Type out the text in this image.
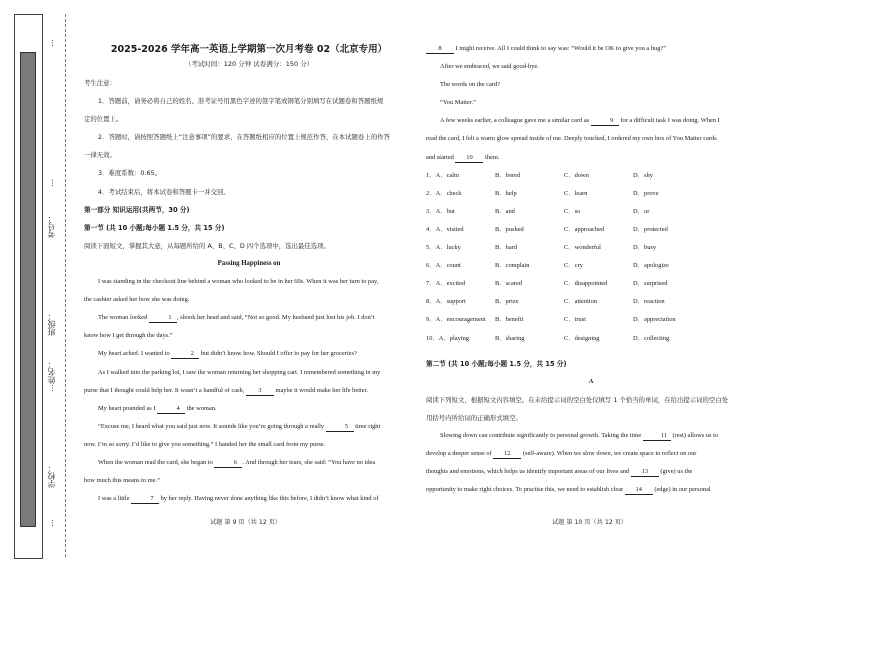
学校：
姓名：
班级：
考号：
…
…
…
…
2025-2026 学年高一英语上学期第一次月考卷 02（北京专用）
（考试时间：120 分钟 试卷满分：150 分）

考生注意：

1．答题前，请务必将自己的姓名、准考证号用黑色字迹的签字笔或钢笔分别填写在试题卷和答题纸规

定的位置上。

2．答题时，请按照答题纸上“注意事项”的要求，在答题纸相应的位置上规范作答，在本试题卷上的作答

一律无效。

3．难度系数：0.65。

4．考试结束后，将本试卷和答题卡一并交回。

第一部分 知识运用(共两节，30 分)

第一节 (共 10 小题;每小题 1.5 分，共 15 分)

阅读下面短文，掌握其大意，从每题所给的 A、B、C、D 四个选项中，选出最佳选项。

Passing Happiness on

I was standing in the checkout line behind a woman who looked to be in her 60s. When it was her turn to pay,

the cashier asked her how she was doing.

The woman looked	1 , shook her head and said, “Not so good. My husband just lost his job. I don’t

know how I get through the days.”

My heart ached. I wanted to	2 but didn’t know how. Should I offer to pay for her groceries?

As I walked into the parking lot, I saw the woman returning her shopping cart. I remembered something in my

purse that I thought could help her. It wasn’t a handful of cash, 3 maybe it would make her life better.

My heart pounded as I	4 the woman.

“Excuse me, I heard what you said just now. It sounds like you’re going through a really	5 time right

now. I’m so sorry. I’d like to give you something.” I handed her the small card from my purse.

When the woman read the card, she began to	6 . And through her tears, she said: “You have no idea

how much this means to me.”

I was a little	7 by her reply. Having never done anything like this before, I didn’t know what kind of

试题 第 9 页（共 12 页）

8 I might receive. All I could think to say was: “Would it be OK to give you a hug?”

After we embraced, we said good-bye.

The words on the card?

“You Matter.”

A few weeks earlier, a colleague gave me a similar card as	9 for a difficult task I was doing. When I

read the card, I felt a warm glow spread inside of me. Deeply touched, I ordered my own box of You Matter cards

and started 10 them.

1．A．calm	B．bored	C．down	D．shy
2．A．check	B．help	C．learn	D．prove
3．A．but	B．and	C．so	D．or
4．A．visited	B．pushed	C．approached	D．protected
5．A．lucky	B．hard	C．wonderful	D．busy
6．A．count	B．complain	C．cry	D．apologize
7．A．excited	B．scared	C．disappointed	D．surprised
8．A．support	B．prize	C．attention	D．reaction
9．A．encouragement	B．benefit	C．trust	D．appreciation
10．A．playing	B．sharing	C．designing	D．collecting

第二节 (共 10 小题;每小题 1.5 分，共 15 分)

A

阅读下列短文，根据短文内容填空。在未给提示词的空白处仅填写 1 个恰当的单词，在给出提示词的空白处

用括号内所给词的正确形式填空。

Slowing down can contribute significantly to personal growth. Taking the time	11 (rest) allows us to

develop a deeper sense of 12 (self-aware). When we slow down, we create space to reflect on our

thoughts and emotions, which helps us identify important areas of our lives and 13 (give) us the

opportunity to make right choices. To practise this, we need to establish clear 14 (edge) in our personal

试题 第 10 页（共 12 页）
